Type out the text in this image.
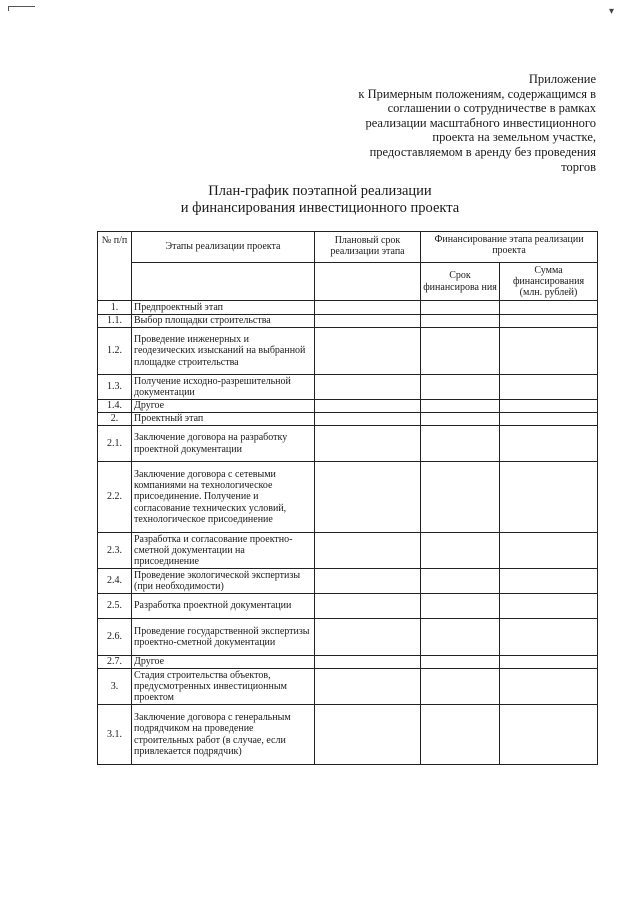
▾
Приложение
к Примерным положениям, содержащимся в
соглашении о сотрудничестве в рамках
реализации масштабного инвестиционного
проекта на земельном участке,
предоставляемом в аренду без проведения
торгов
План-график поэтапной реализации
и финансирования инвестиционного проекта
№ п/п	Этапы реализации проекта	Плановый срок реализации этапа	Финансирование этапа реализации проекта	
			Срок финансирова ния	Сумма финансирования (млн. рублей)
1.	Предпроектный этап			
1.1.	Выбор площадки строительства			
1.2.	Проведение инженерных и геодезических изысканий на выбранной площадке строительства			
1.3.	Получение исходно-разрешительной документации			
1.4.	Другое			
2.	Проектный этап			
2.1.	Заключение договора на разработку проектной документации			
2.2.	Заключение договора с сетевыми компаниями на технологическое присоединение. Получение и согласование технических условий, технологическое присоединение			
2.3.	Разработка и согласование проектно-сметной документации на присоединение			
2.4.	Проведение экологической экспертизы (при необходимости)			
2.5.	Разработка проектной документации			
2.6.	Проведение государственной экспертизы проектно-сметной документации			
2.7.	Другое			
3.	Стадия строительства объектов, предусмотренных инвестиционным проектом			
3.1.	Заключение договора с генеральным подрядчиком на проведение строительных работ (в случае, если привлекается подрядчик)			
